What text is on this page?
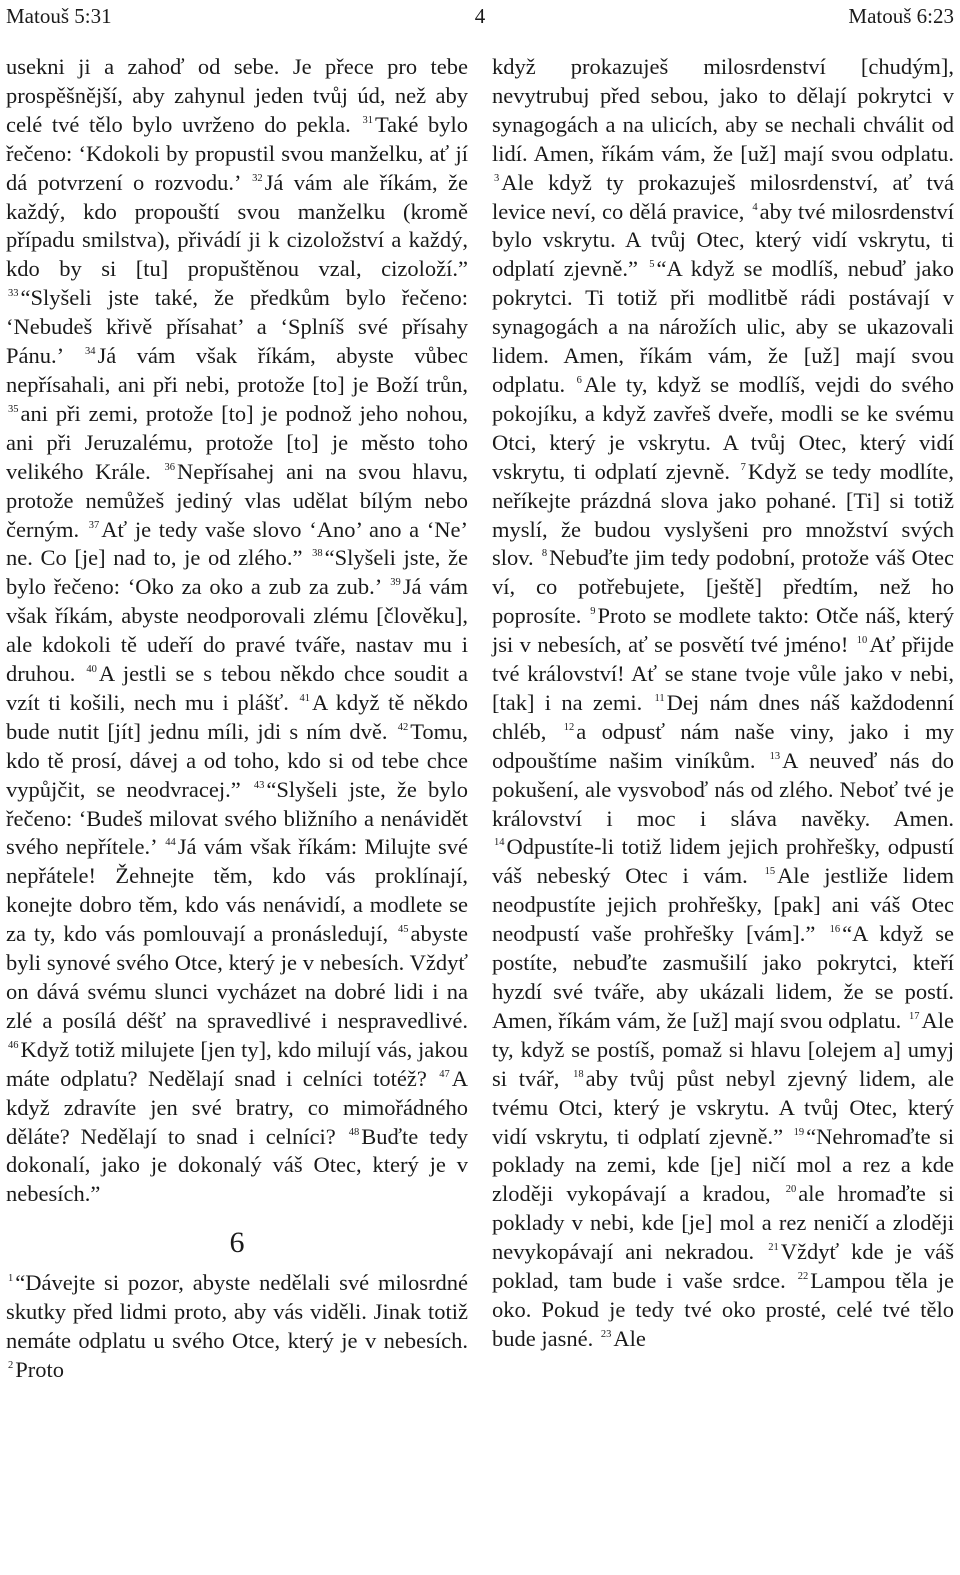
Matouš 5:31	4	Matouš 6:23

usekni ji a zahoď od sebe. Je přece pro tebe prospěšnější, aby zahynul jeden tvůj úd, než aby celé tvé tělo bylo uvrženo do pekla. $^{31}$Také bylo řečeno: ‘Kdokoli by propustil svou manželku, ať jí dá potvrzení o rozvodu.’ $^{32}$Já vám ale říkám, že každý, kdo propouští svou manželku (kromě případu smilstva), přivádí ji k cizoložství a každý, kdo by si [tu] propuštěnou vzal, cizoloží.” $^{33}$“Slyšeli jste také, že předkům bylo řečeno: ‘Nebudeš křivě přísahat’ a ‘Splníš své přísahy Pánu.’ $^{34}$Já vám však říkám, abyste vůbec nepřísahali, ani při nebi, protože [to] je Boží trůn, $^{35}$ani při zemi, protože [to] je podnož jeho nohou, ani při Jeruzalému, protože [to] je město toho velikého Krále. $^{36}$Nepřísahej ani na svou hlavu, protože nemůžeš jediný vlas udělat bílým nebo černým. $^{37}$Ať je tedy vaše slovo ‘Ano’ ano a ‘Ne’ ne. Co [je] nad to, je od zlého.” $^{38}$“Slyšeli jste, že bylo řečeno: ‘Oko za oko a zub za zub.’ $^{39}$Já vám však říkám, abyste neodporovali zlému [člověku], ale kdokoli tě udeří do pravé tváře, nastav mu i druhou. $^{40}$A jestli se s tebou někdo chce soudit a vzít ti košili, nech mu i plášť. $^{41}$A když tě někdo bude nutit [jít] jednu míli, jdi s ním dvě. $^{42}$Tomu, kdo tě prosí, dávej a od toho, kdo si od tebe chce vypůjčit, se neodvracej.” $^{43}$“Slyšeli jste, že bylo řečeno: ‘Budeš milovat svého bližního a nenávidět svého nepřítele.’ $^{44}$Já vám však říkám: Milujte své nepřátele! Žehnejte těm, kdo vás proklínají, konejte dobro těm, kdo vás nenávidí, a modlete se za ty, kdo vás pomlouvají a pronásledují, $^{45}$abyste byli synové svého Otce, který je v nebesích. Vždyť on dává svému slunci vycházet na dobré lidi i na zlé a posílá déšť na spravedlivé i nespravedlivé. $^{46}$Když totiž milujete [jen ty], kdo milují vás, jakou máte odplatu? Nedělají snad i celníci totéž? $^{47}$A když zdravíte jen své bratry, co mimořádného děláte? Nedělají to snad i celníci? $^{48}$Buďte tedy dokonalí, jako je dokonalý váš Otec, který je v nebesích.”

6

$^1$“Dávejte si pozor, abyste nedělali své milosrdné skutky před lidmi proto, aby vás viděli. Jinak totiž nemáte odplatu u svého Otce, který je v nebesích. $^2$Proto

když prokazuješ milosrdenství [chudým], nevytrubuj před sebou, jako to dělají pokrytci v synagogách a na ulicích, aby se nechali chválit od lidí. Amen, říkám vám, že [už] mají svou odplatu. $^3$Ale když ty prokazuješ milosrdenství, ať tvá levice neví, co dělá pravice, $^4$aby tvé milosrdenství bylo vskrytu. A tvůj Otec, který vidí vskrytu, ti odplatí zjevně.” $^5$“A když se modlíš, nebuď jako pokrytci. Ti totiž při modlitbě rádi postávají v synagogách a na nárožích ulic, aby se ukazovali lidem. Amen, říkám vám, že [už] mají svou odplatu. $^6$Ale ty, když se modlíš, vejdi do svého pokojíku, a když zavřeš dveře, modli se ke svému Otci, který je vskrytu. A tvůj Otec, který vidí vskrytu, ti odplatí zjevně. $^7$Když se tedy modlíte, neříkejte prázdná slova jako pohané. [Ti] si totiž myslí, že budou vyslyšeni pro množství svých slov. $^8$Nebuďte jim tedy podobní, protože váš Otec ví, co potřebujete, [ještě] předtím, než ho poprosíte. $^9$Proto se modlete takto: Otče náš, který jsi v nebesích, ať se posvětí tvé jméno! $^{10}$Ať přijde tvé království! Ať se stane tvoje vůle jako v nebi, [tak] i na zemi. $^{11}$Dej nám dnes náš každodenní chléb, $^{12}$a odpusť nám naše viny, jako i my odpouštíme našim viníkům. $^{13}$A neuveď nás do pokušení, ale vysvoboď nás od zlého. Neboť tvé je království i moc i sláva navěky. Amen. $^{14}$Odpustíte-li totiž lidem jejich prohřešky, odpustí váš nebeský Otec i vám. $^{15}$Ale jestliže lidem neodpustíte jejich prohřešky, [pak] ani váš Otec neodpustí vaše prohřešky [vám].” $^{16}$“A když se postíte, nebuďte zasmušilí jako pokrytci, kteří hyzdí své tváře, aby ukázali lidem, že se postí. Amen, říkám vám, že [už] mají svou odplatu. $^{17}$Ale ty, když se postíš, pomaž si hlavu [olejem a] umyj si tvář, $^{18}$aby tvůj půst nebyl zjevný lidem, ale tvému Otci, který je vskrytu. A tvůj Otec, který vidí vskrytu, ti odplatí zjevně.” $^{19}$“Nehromaďte si poklady na zemi, kde [je] ničí mol a rez a kde zloději vykopávají a kradou, $^{20}$ale hromaďte si poklady v nebi, kde [je] mol a rez neničí a zloději nevykopávají ani nekradou. $^{21}$Vždyť kde je váš poklad, tam bude i vaše srdce. $^{22}$Lampou těla je oko. Pokud je tedy tvé oko prosté, celé tvé tělo bude jasné. $^{23}$Ale
